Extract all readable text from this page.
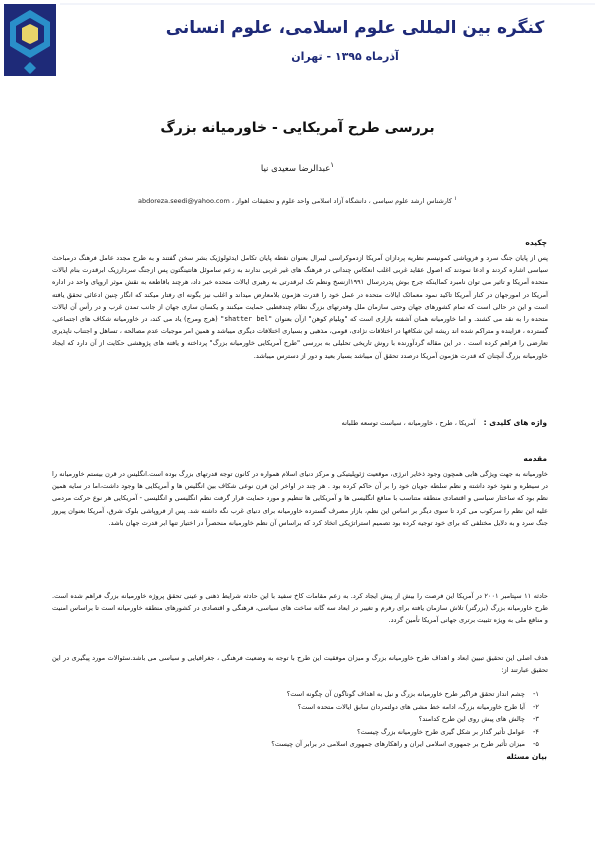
کنگره بین المللی علوم اسلامی، علوم انسانی
آذرماه ۱۳۹۵ - تهران
بررسی طرح آمریکایی - خاورمیانه بزرگ
$^۱$عبدالرضا سعیدی نیا
$^۱$ کارشناس ارشد علوم سیاسی ، دانشگاه آزاد اسلامی واحد علوم و تحقیقات اهواز ، abdoreza.seedi@yahoo.com
چکیده
پس از پایان جنگ سرد و فروپاشی کمونیسم نظریه پردازان آمریکا ازدموکراسی لیبرال بعنوان نقطه پایان تکامل ایدئولوژیک بشر سخن گفتند و به طرح مجدد عامل فرهنگ درمباحث سیاسی اشاره کردند و ادعا نمودند که اصول عقاید غربی اغلب انعکاس چندانی در فرهنگ های غیر غربی ندارند به زعم ساموئل هانتینگتون پس ازجنگ سردارزیک ابرقدرت بنام ایالات متحده آمریکا و تاثیر می توان نامبرد کمااینکه جرج بوش پدردرسال ۱۹۹۱ازنسخ ونظم تک ابرقدرتی به رهبری ایالات متحده خبر داد، هرچند باقاطعه به نقش موثر اروپای واحد در اداره آمریکا در امورجهان در کنار آمریکا تاکید نمود معمائک ایالات متحده در عمل خود را قدرت هژمون بلامعارض میداند و اغلب نیز بگونه ای رفتار میکند که انگار چنین ادعائی تحقق یافته است و این در حالی است که تمام کشورهای جهان وحتی سازمان ملل وقدرتهای بزرگ نظام چندقطبی حمایت میکنند و یکسان سازی جهان از جانب تمدن غرب و در رأس آن ایالات متحده را به نقد می کشند. و اما خاورمیانه همان آشفته بازاری است که "ویلیام کوهن" ازآن بعنوان "shatter bel" (هرج ومرج) یاد می کند، در خاورمیانه شکاف های اجتماعی، گسترده ، فزاینده و متراکم شده اند ریشه این شکافها در اختلافات نژادی، قومی، مذهبی و بسیاری اختلافات دیگری میباشد و همین امر موجبات عدم مصالحه ، تساهل و اجتناب ناپذیری تعارضی را فراهم کرده است . در این مقاله گردآورنده با روش تاریخی تحلیلی به بررسی "طرح آمریکایی خاورمیانه بزرگ" پرداخته و یافته های پژوهشی حکایت از آن دارد که ایجاد خاورمیانه بزرگ آنچنان که قدرت هژمون آمریکا درصدد تحقق آن میباشد بسیار بعید و دور از دسترس میباشد.
واژه های کلیدی : آمریکا ، طرح ، خاورمیانه ، سیاست توسعه طلبانه
مقدمه
خاورمیانه به جهت ویژگی هایی همچون وجود ذخایر انرژی، موقعیت ژئوپلیتیکی و مرکز دنیای اسلام همواره در کانون توجه قدرتهای بزرگ بوده است.انگلیس در قرن بیستم خاورمیانه را در سیطره و نفوذ خود داشته و نظم سلطه جویان خود را بر آن حاکم کرده بود . هر چند در اواخر این قرن نوعی شکاف بین انگلیس ها و آمریکایی ها وجود داشت،اما در سایه همین نظم بود که ساختار سیاسی و اقتصادی منطقه متناسب با منافع انگلیسی ها و آمریکایی ها تنظیم و مورد حمایت قرار گرفت نظم انگلیسی و انگلیسی - آمریکایی هر نوع حرکت مردمی علیه این نظم را سرکوب می کرد تا سوی دیگر بر اساس این نظم، بازار مصرف گسترده خاورمیانه برای دنیای غرب نگه داشته شد. پس از فروپاشی بلوک شرق، آمریکا بعنوان پیروز جنگ سرد و به دلایل مختلفی که برای خود توجیه کرده بود تصمیم استراتژیکی اتخاذ کرد که براساس آن نظم خاورمیانه منحصراً در اختیار تنها ابر قدرت جهان باشد.
حادثه ۱۱ سپتامبر ۲۰۰۱ در آمریکا این فرصت را بیش از پیش ایجاد کرد. به زعم مقامات کاخ سفید با این حادثه شرایط ذهنی و عینی تحقق پروژه خاورمیانه بزرگ فراهم شده است. طرح خاورمیانه بزرگ (بزرگتر) تلاش سازمان یافته برای رفرم و تغییر در ابعاد سه گانه ساخت های سیاسی، فرهنگی و اقتصادی در کشورهای منطقه خاورمیانه است تا براساس امنیت و منافع ملی به ویژه تثبیت برتری جهانی آمریکا تأمین گردد.
هدف اصلی این تحقیق تبیین ابعاد و اهداف طرح خاورمیانه بزرگ و میزان موفقیت این طرح با توجه به وضعیت فرهنگی ، جغرافیایی و سیاسی می باشد.سئوالات مورد پیگیری در این تحقیق عبارتند از:
۱-
چشم انداز تحقق فراگیر طرح خاورمیانه بزرگ و نیل به اهداف گوناگون آن چگونه است؟
۲-
آیا طرح خاورمیانه بزرگ، ادامه خط مشی های دولتمردان سابق ایالات متحده است؟
۳-
چالش های پیش روی این طرح کدامند؟
۴-
عوامل تأثیر گذار بر شکل گیری طرح خاورمیانه بزرگ چیست؟
۵-
میزان تأثیر طرح بر جمهوری اسلامی ایران و راهکارهای جمهوری اسلامی در برابر آن چیست؟
بیان مسئله
